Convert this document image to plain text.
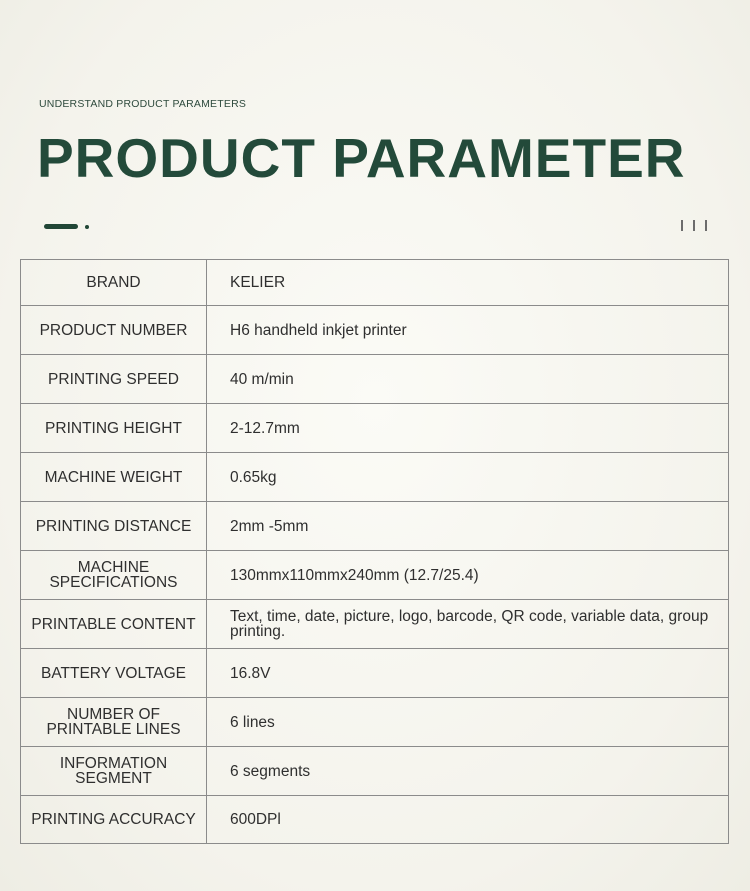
UNDERSTAND PRODUCT PARAMETERS
PRODUCT PARAMETER
BRAND	KELIER
PRODUCT NUMBER	H6 handheld inkjet printer
PRINTING SPEED	40 m/min
PRINTING HEIGHT	2-12.7mm
MACHINE WEIGHT	0.65kg
PRINTING DISTANCE	2mm -5mm
MACHINE SPECIFICATIONS	130mmx110mmx240mm (12.7/25.4)
PRINTABLE CONTENT	Text, time, date, picture, logo, barcode, QR code, variable data, group printing.
BATTERY VOLTAGE	16.8V
NUMBER OF PRINTABLE LINES	6 lines
INFORMATION SEGMENT	6 segments
PRINTING ACCURACY	600DPl
